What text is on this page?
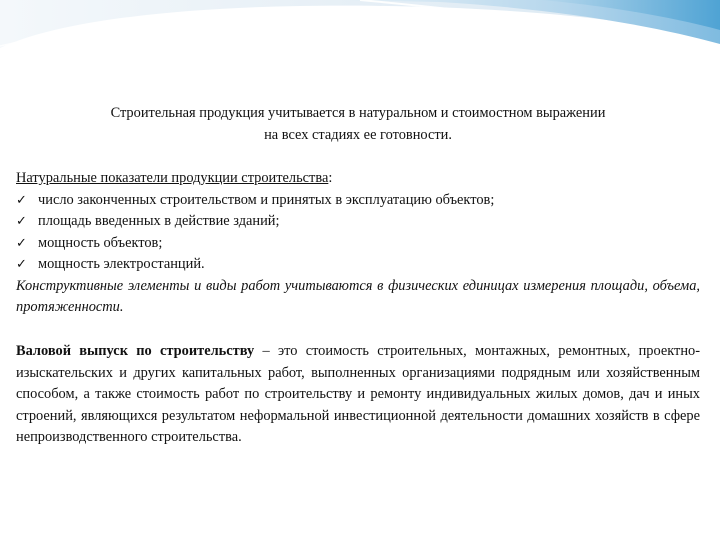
Строительная продукция учитывается в натуральном и стоимостном выражении

на всех стадиях ее готовности.

Натуральные показатели продукции строительства:

✓ число законченных строительством и принятых в эксплуатацию объектов;
✓ площадь введенных в действие зданий;
✓ мощность объектов;
✓ мощность электростанций.

Конструктивные элементы и виды работ учитываются в физических единицах измерения площади, объема, протяженности.

Валовой выпуск по строительству – это стоимость строительных, монтажных, ремонтных, проектно-изыскательских и других капитальных работ, выполненных организациями подрядным или хозяйственным способом, а также стоимость работ по строительству и ремонту индивидуальных жилых домов, дач и иных строений, являющихся результатом неформальной инвестиционной деятельности домашних хозяйств в сфере непроизводственного строительства.
